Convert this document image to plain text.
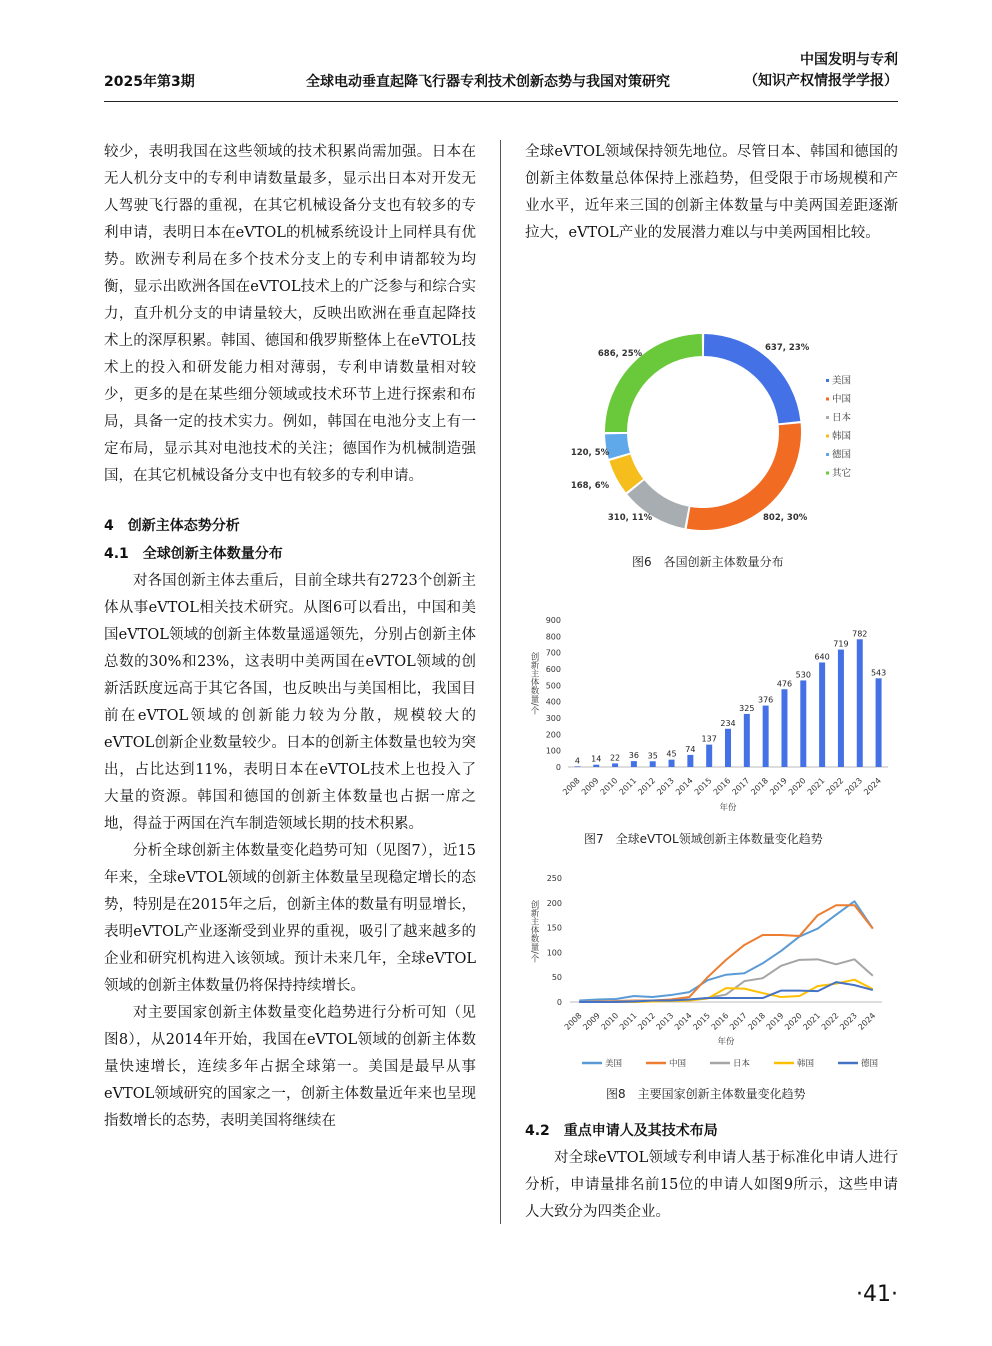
2025年第3期	全球电动垂直起降飞行器专利技术创新态势与我国对策研究
中国发明与专利
（知识产权情报学学报）

较少，表明我国在这些领域的技术积累尚需加强。日本在无人机分支中的专利申请数量最多，显示出日本对开发无人驾驶飞行器的重视，在其它机械设备分支也有较多的专利申请，表明日本在eVTOL的机械系统设计上同样具有优势。欧洲专利局在多个技术分支上的专利申请都较为均衡，显示出欧洲各国在eVTOL技术上的广泛参与和综合实力，直升机分支的申请量较大，反映出欧洲在垂直起降技术上的深厚积累。韩国、德国和俄罗斯整体上在eVTOL技术上的投入和研发能力相对薄弱，专利申请数量相对较少，更多的是在某些细分领域或技术环节上进行探索和布局，具备一定的技术实力。例如，韩国在电池分支上有一定布局，显示其对电池技术的关注；德国作为机械制造强国，在其它机械设备分支中也有较多的专利申请。

4　创新主体态势分析

4.1　全球创新主体数量分布

对各国创新主体去重后，目前全球共有2723个创新主体从事eVTOL相关技术研究。从图6可以看出，中国和美国eVTOL领域的创新主体数量遥遥领先，分别占创新主体总数的30%和23%，这表明中美两国在eVTOL领域的创新活跃度远高于其它各国，也反映出与美国相比，我国目前在eVTOL领域的创新能力较为分散，规模较大的eVTOL创新企业数量较少。日本的创新主体数量也较为突出，占比达到11%，表明日本在eVTOL技术上也投入了大量的资源。韩国和德国的创新主体数量也占据一席之地，得益于两国在汽车制造领域长期的技术积累。

分析全球创新主体数量变化趋势可知（见图7），近15年来，全球eVTOL领域的创新主体数量呈现稳定增长的态势，特别是在2015年之后，创新主体的数量有明显增长，表明eVTOL产业逐渐受到业界的重视，吸引了越来越多的企业和研究机构进入该领域。预计未来几年，全球eVTOL领域的创新主体数量仍将保持持续增长。

对主要国家创新主体数量变化趋势进行分析可知（见图8），从2014年开始，我国在eVTOL领域的创新主体数量快速增长，连续多年占据全球第一。美国是最早从事eVTOL领域研究的国家之一，创新主体数量近年来也呈现指数增长的态势，表明美国将继续在

全球eVTOL领域保持领先地位。尽管日本、韩国和德国的创新主体数量总体保持上涨趋势，但受限于市场规模和产业水平，近年来三国的创新主体数量与中美两国差距逐渐拉大，eVTOL产业的发展潜力难以与中美两国相比较。

637, 23%
802, 30%
310, 11%
168, 6%
120, 5%
686, 25%
美国
中国
日本
韩国
德国
其它
图6　各国创新主体数量分布
0
100
200
300
400
500
600
700
800
900
4
2008
14
2009
22
2010
36
2011
35
2012
45
2013
74
2014
137
2015
234
2016
325
2017
376
2018
476
2019
530
2020
640
2021
719
2022
782
2023
543
2024
年份
创新主体数量/个
图7　全球eVTOL领域创新主体数量变化趋势
0
50
100
150
200
250
2008
2009
2010
2011
2012
2013
2014
2015
2016
2017
2018
2019
2020
2021
2022
2023
2024
年份
创新主体数量/个
美国	中国	日本	韩国	德国
图8　主要国家创新主体数量变化趋势

4.2　重点申请人及其技术布局

对全球eVTOL领域专利申请人基于标准化申请人进行分析，申请量排名前15位的申请人如图9所示，这些申请人大致分为四类企业。

·41·
